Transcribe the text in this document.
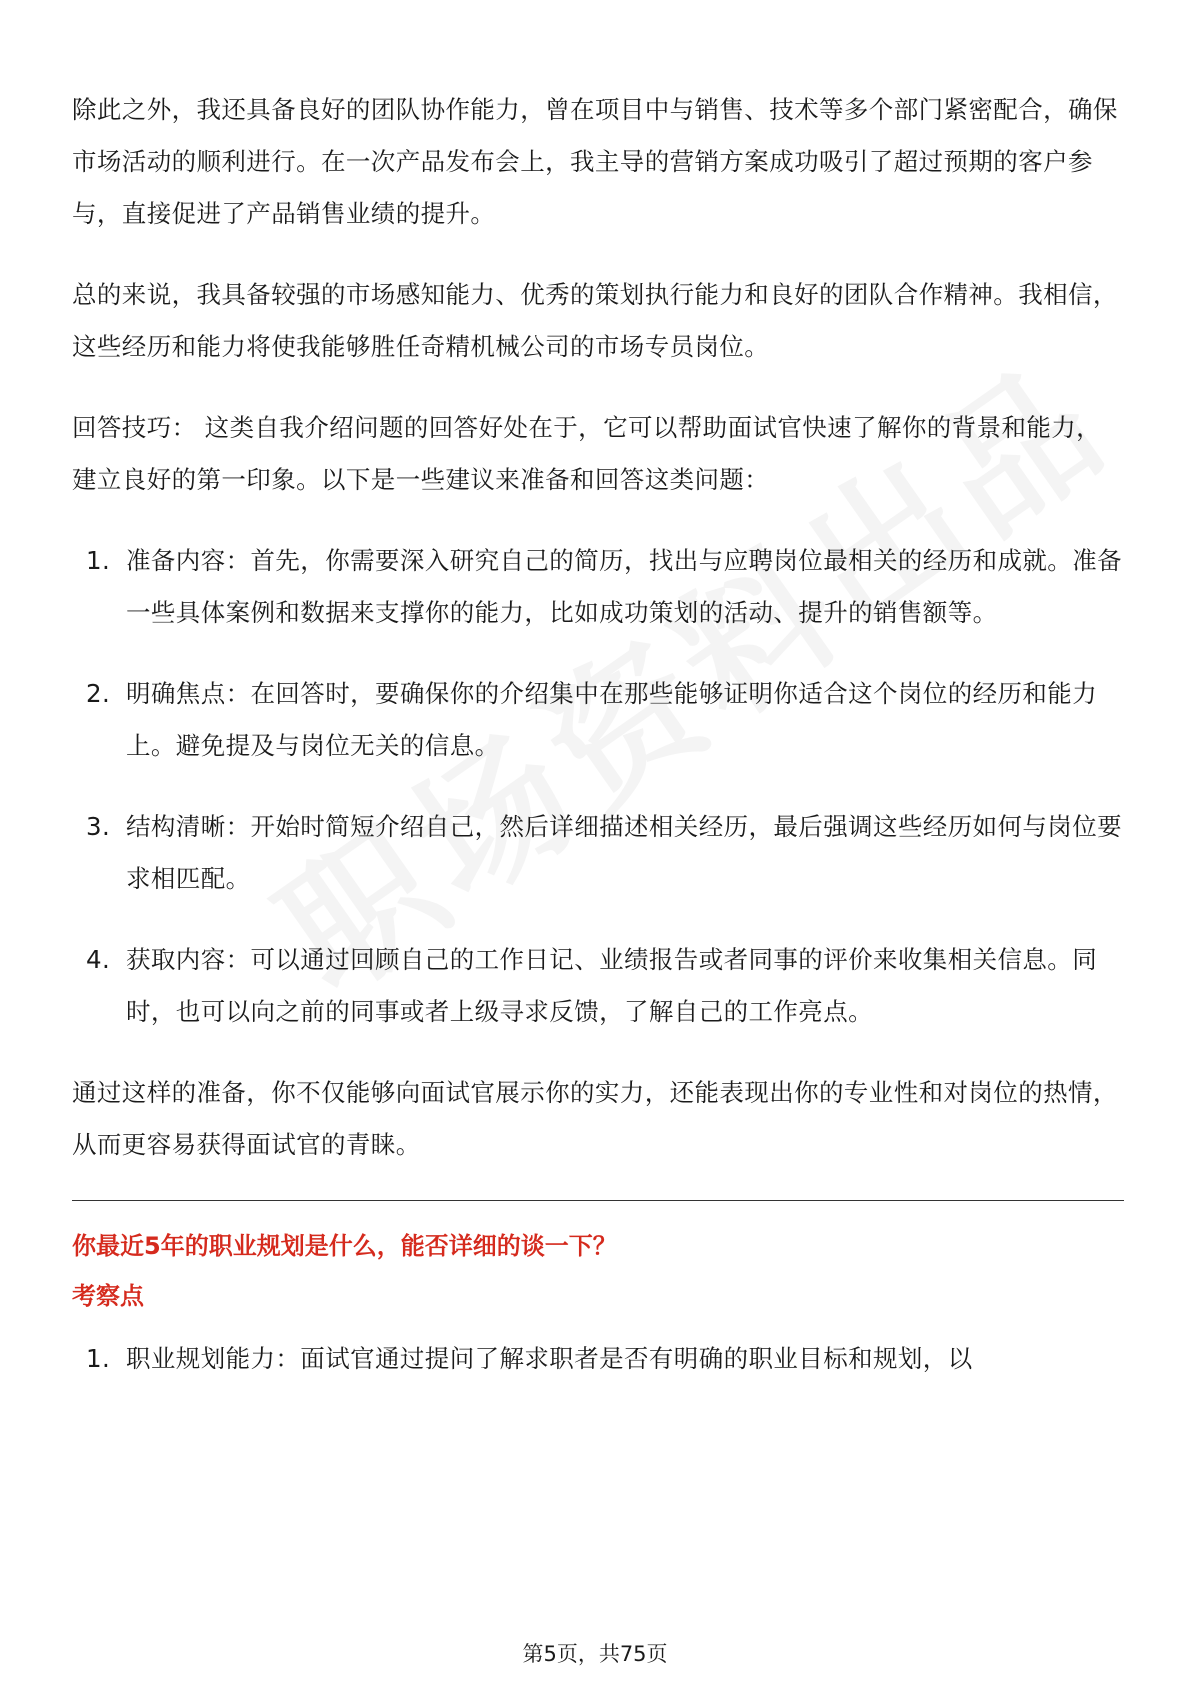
除此之外，我还具备良好的团队协作能力，曾在项目中与销售、技术等多个部门紧密配合，确保市场活动的顺利进行。在一次产品发布会上，我主导的营销方案成功吸引了超过预期的客户参与，直接促进了产品销售业绩的提升。

总的来说，我具备较强的市场感知能力、优秀的策划执行能力和良好的团队合作精神。我相信，这些经历和能力将使我能够胜任奇精机械公司的市场专员岗位。

回答技巧： 这类自我介绍问题的回答好处在于，它可以帮助面试官快速了解你的背景和能力，建立良好的第一印象。以下是一些建议来准备和回答这类问题：

1. 准备内容：首先，你需要深入研究自己的简历，找出与应聘岗位最相关的经历和成就。准备一些具体案例和数据来支撑你的能力，比如成功策划的活动、提升的销售额等。
2. 明确焦点：在回答时，要确保你的介绍集中在那些能够证明你适合这个岗位的经历和能力上。避免提及与岗位无关的信息。
3. 结构清晰：开始时简短介绍自己，然后详细描述相关经历，最后强调这些经历如何与岗位要求相匹配。
4. 获取内容：可以通过回顾自己的工作日记、业绩报告或者同事的评价来收集相关信息。同时，也可以向之前的同事或者上级寻求反馈，了解自己的工作亮点。

通过这样的准备，你不仅能够向面试官展示你的实力，还能表现出你的专业性和对岗位的热情，从而更容易获得面试官的青睐。

你最近5年的职业规划是什么，能否详细的谈一下？

考察点

1. 职业规划能力：面试官通过提问了解求职者是否有明确的职业目标和规划，以
第5页，共75页
